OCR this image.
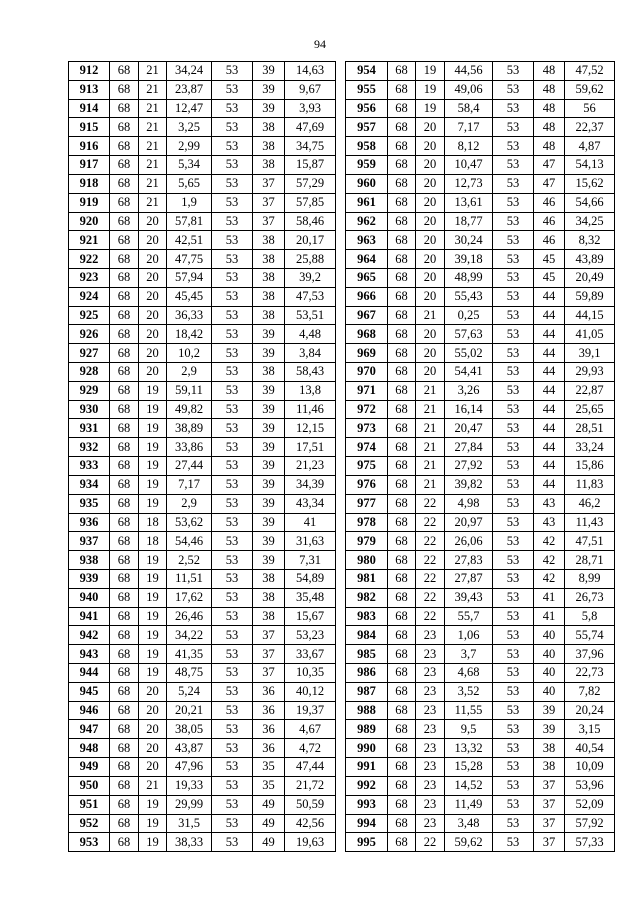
94
912	68	21	34,24	53	39	14,63
913	68	21	23,87	53	39	9,67
914	68	21	12,47	53	39	3,93
915	68	21	3,25	53	38	47,69
916	68	21	2,99	53	38	34,75
917	68	21	5,34	53	38	15,87
918	68	21	5,65	53	37	57,29
919	68	21	1,9	53	37	57,85
920	68	20	57,81	53	37	58,46
921	68	20	42,51	53	38	20,17
922	68	20	47,75	53	38	25,88
923	68	20	57,94	53	38	39,2
924	68	20	45,45	53	38	47,53
925	68	20	36,33	53	38	53,51
926	68	20	18,42	53	39	4,48
927	68	20	10,2	53	39	3,84
928	68	20	2,9	53	38	58,43
929	68	19	59,11	53	39	13,8
930	68	19	49,82	53	39	11,46
931	68	19	38,89	53	39	12,15
932	68	19	33,86	53	39	17,51
933	68	19	27,44	53	39	21,23
934	68	19	7,17	53	39	34,39
935	68	19	2,9	53	39	43,34
936	68	18	53,62	53	39	41
937	68	18	54,46	53	39	31,63
938	68	19	2,52	53	39	7,31
939	68	19	11,51	53	38	54,89
940	68	19	17,62	53	38	35,48
941	68	19	26,46	53	38	15,67
942	68	19	34,22	53	37	53,23
943	68	19	41,35	53	37	33,67
944	68	19	48,75	53	37	10,35
945	68	20	5,24	53	36	40,12
946	68	20	20,21	53	36	19,37
947	68	20	38,05	53	36	4,67
948	68	20	43,87	53	36	4,72
949	68	20	47,96	53	35	47,44
950	68	21	19,33	53	35	21,72
951	68	19	29,99	53	49	50,59
952	68	19	31,5	53	49	42,56
953	68	19	38,33	53	49	19,63
954	68	19	44,56	53	48	47,52
955	68	19	49,06	53	48	59,62
956	68	19	58,4	53	48	56
957	68	20	7,17	53	48	22,37
958	68	20	8,12	53	48	4,87
959	68	20	10,47	53	47	54,13
960	68	20	12,73	53	47	15,62
961	68	20	13,61	53	46	54,66
962	68	20	18,77	53	46	34,25
963	68	20	30,24	53	46	8,32
964	68	20	39,18	53	45	43,89
965	68	20	48,99	53	45	20,49
966	68	20	55,43	53	44	59,89
967	68	21	0,25	53	44	44,15
968	68	20	57,63	53	44	41,05
969	68	20	55,02	53	44	39,1
970	68	20	54,41	53	44	29,93
971	68	21	3,26	53	44	22,87
972	68	21	16,14	53	44	25,65
973	68	21	20,47	53	44	28,51
974	68	21	27,84	53	44	33,24
975	68	21	27,92	53	44	15,86
976	68	21	39,82	53	44	11,83
977	68	22	4,98	53	43	46,2
978	68	22	20,97	53	43	11,43
979	68	22	26,06	53	42	47,51
980	68	22	27,83	53	42	28,71
981	68	22	27,87	53	42	8,99
982	68	22	39,43	53	41	26,73
983	68	22	55,7	53	41	5,8
984	68	23	1,06	53	40	55,74
985	68	23	3,7	53	40	37,96
986	68	23	4,68	53	40	22,73
987	68	23	3,52	53	40	7,82
988	68	23	11,55	53	39	20,24
989	68	23	9,5	53	39	3,15
990	68	23	13,32	53	38	40,54
991	68	23	15,28	53	38	10,09
992	68	23	14,52	53	37	53,96
993	68	23	11,49	53	37	52,09
994	68	23	3,48	53	37	57,92
995	68	22	59,62	53	37	57,33
